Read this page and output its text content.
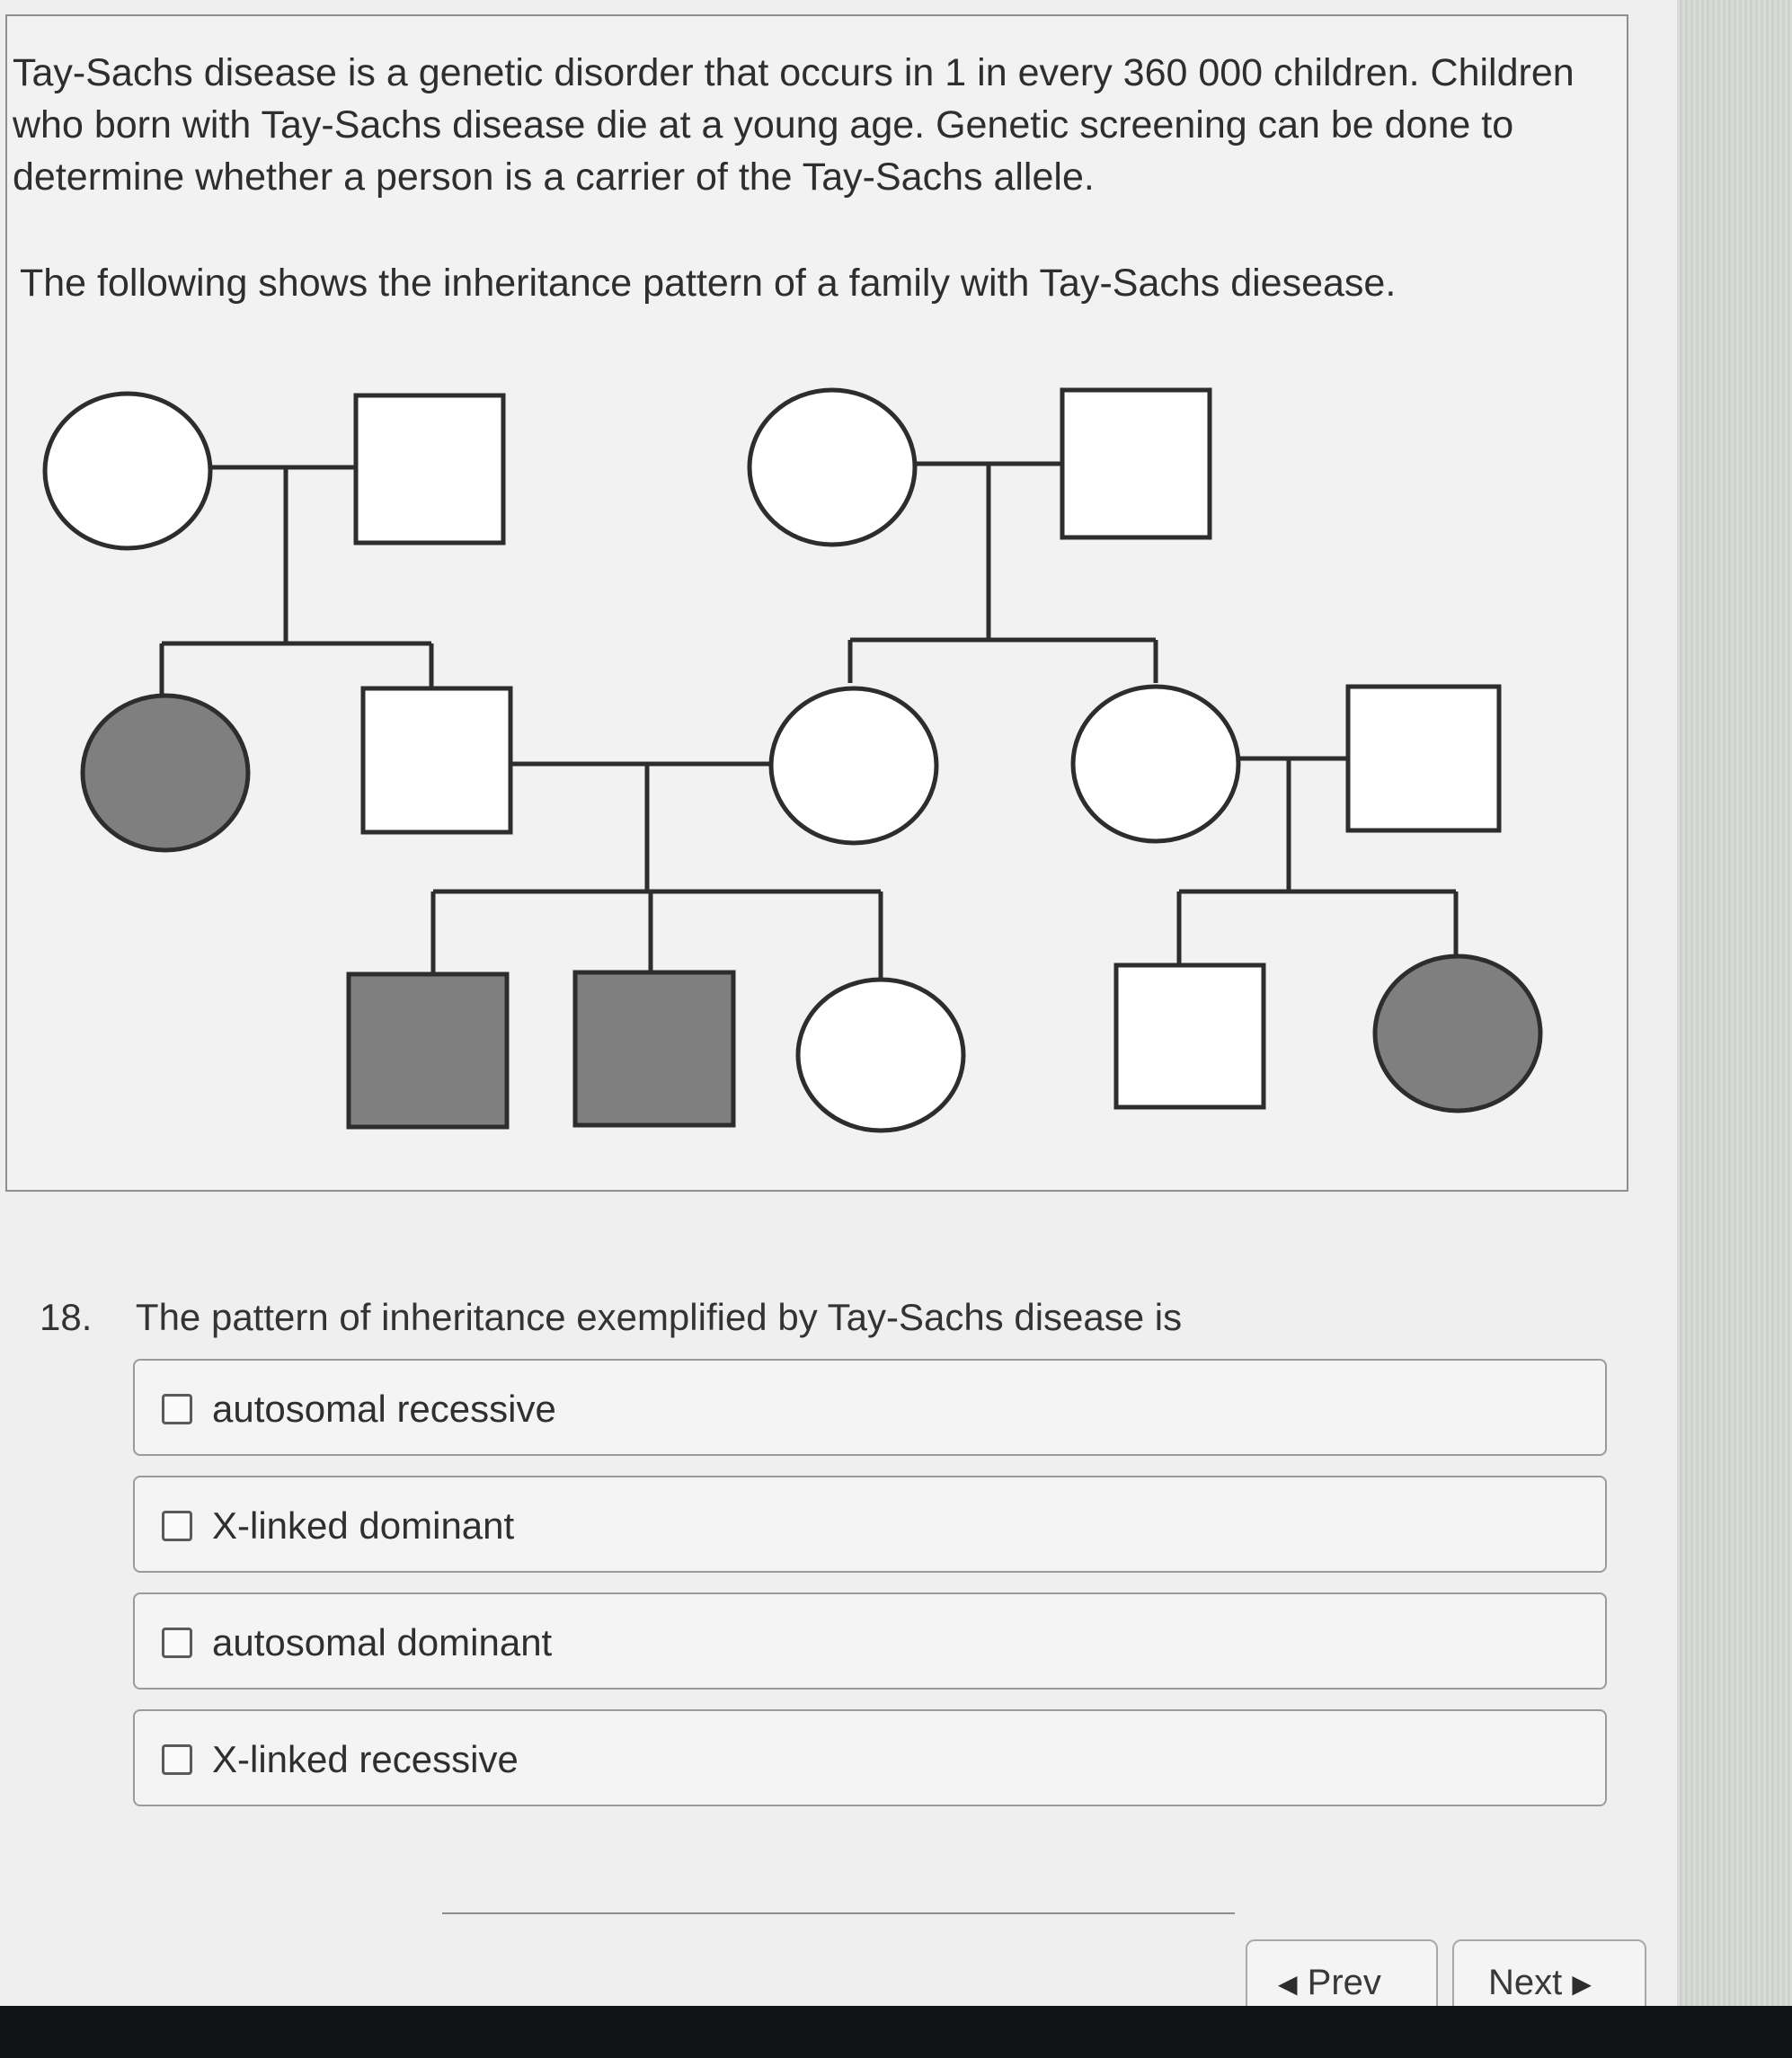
Tay-Sachs disease is a genetic disorder that occurs in 1 in every 360 000 children. Children who born with Tay-Sachs disease die at a young age. Genetic screening can be done to determine whether a person is a carrier of the Tay-Sachs allele.

The following shows the inheritance pattern of a family with Tay-Sachs diesease.

18. The pattern of inheritance exemplified by Tay-Sachs disease is
autosomal recessive
X-linked dominant
autosomal dominant
X-linked recessive
◀ Prev	Next ▶
